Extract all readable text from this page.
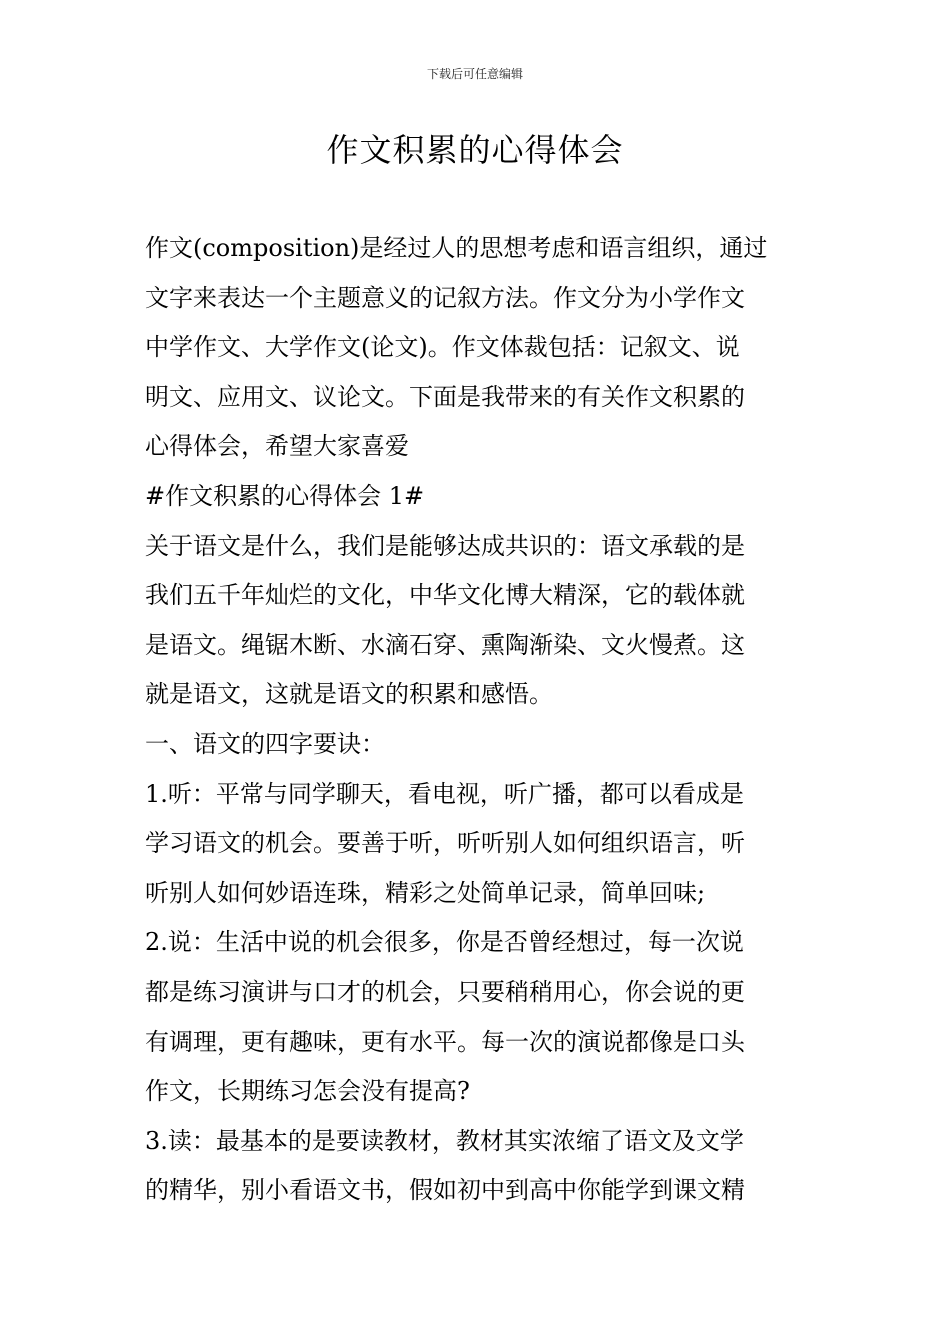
下载后可任意编辑
作文积累的心得体会
作文(composition)是经过人的思想考虑和语言组织，通过
文字来表达一个主题意义的记叙方法。作文分为小学作文
中学作文、大学作文(论文)。作文体裁包括：记叙文、说
明文、应用文、议论文。下面是我带来的有关作文积累的
心得体会，希望大家喜爱
#作文积累的心得体会 1#
关于语文是什么，我们是能够达成共识的：语文承载的是
我们五千年灿烂的文化，中华文化博大精深，它的载体就
是语文。绳锯木断、水滴石穿、熏陶渐染、文火慢煮。这
就是语文，这就是语文的积累和感悟。
一、语文的四字要诀：
1.听：平常与同学聊天，看电视，听广播，都可以看成是
学习语文的机会。要善于听，听听别人如何组织语言，听
听别人如何妙语连珠，精彩之处简单记录，简单回味;
2.说：生活中说的机会很多，你是否曾经想过，每一次说
都是练习演讲与口才的机会，只要稍稍用心，你会说的更
有调理，更有趣味，更有水平。每一次的演说都像是口头
作文，长期练习怎会没有提高?
3.读：最基本的是要读教材，教材其实浓缩了语文及文学
的精华，别小看语文书，假如初中到高中你能学到课文精
